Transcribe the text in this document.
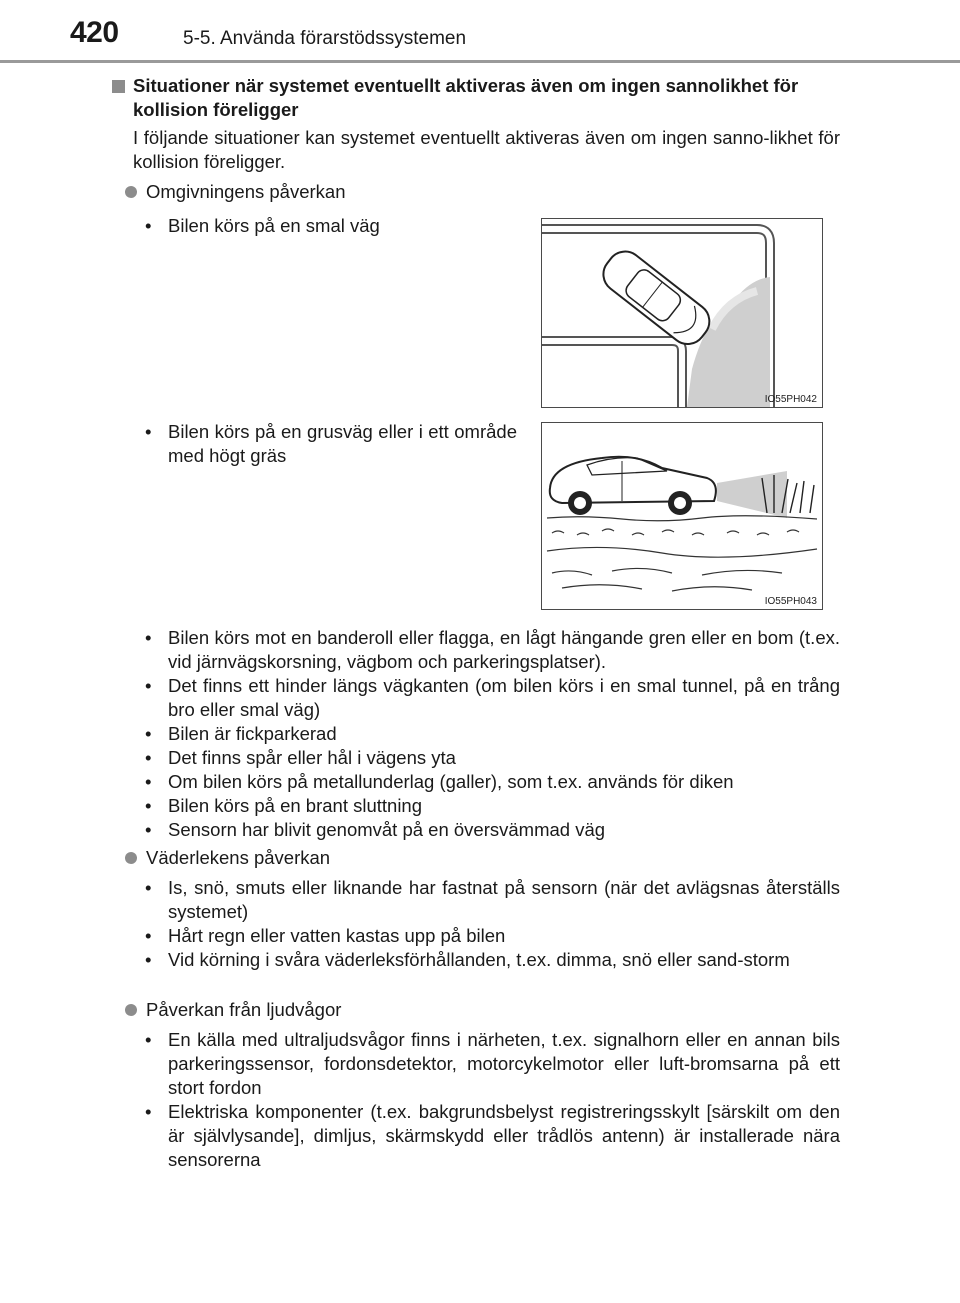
420	5-5. Använda förarstödssystemen
Situationer när systemet eventuellt aktiveras även om ingen sannolikhet för kollision föreligger
I följande situationer kan systemet eventuellt aktiveras även om ingen sanno-likhet för kollision föreligger.
Omgivningens påverkan
• Bilen körs på en smal väg
IO55PH042
• Bilen körs på en grusväg eller i ett område med högt gräs
IO55PH043
• Bilen körs mot en banderoll eller flagga, en lågt hängande gren eller en bom (t.ex. vid järnvägskorsning, vägbom och parkeringsplatser).
• Det finns ett hinder längs vägkanten (om bilen körs i en smal tunnel, på en trång bro eller smal väg)
• Bilen är fickparkerad
• Det finns spår eller hål i vägens yta
• Om bilen körs på metallunderlag (galler), som t.ex. används för diken
• Bilen körs på en brant sluttning
• Sensorn har blivit genomvåt på en översvämmad väg
Väderlekens påverkan
• Is, snö, smuts eller liknande har fastnat på sensorn (när det avlägsnas återställs systemet)
• Hårt regn eller vatten kastas upp på bilen
• Vid körning i svåra väderleksförhållanden, t.ex. dimma, snö eller sand-storm
Påverkan från ljudvågor
• En källa med ultraljudsvågor finns i närheten, t.ex. signalhorn eller en annan bils parkeringssensor, fordonsdetektor, motorcykelmotor eller luft-bromsarna på ett stort fordon
• Elektriska komponenter (t.ex. bakgrundsbelyst registreringsskylt [särskilt om den är självlysande], dimljus, skärmskydd eller trådlös antenn) är installerade nära sensorerna
